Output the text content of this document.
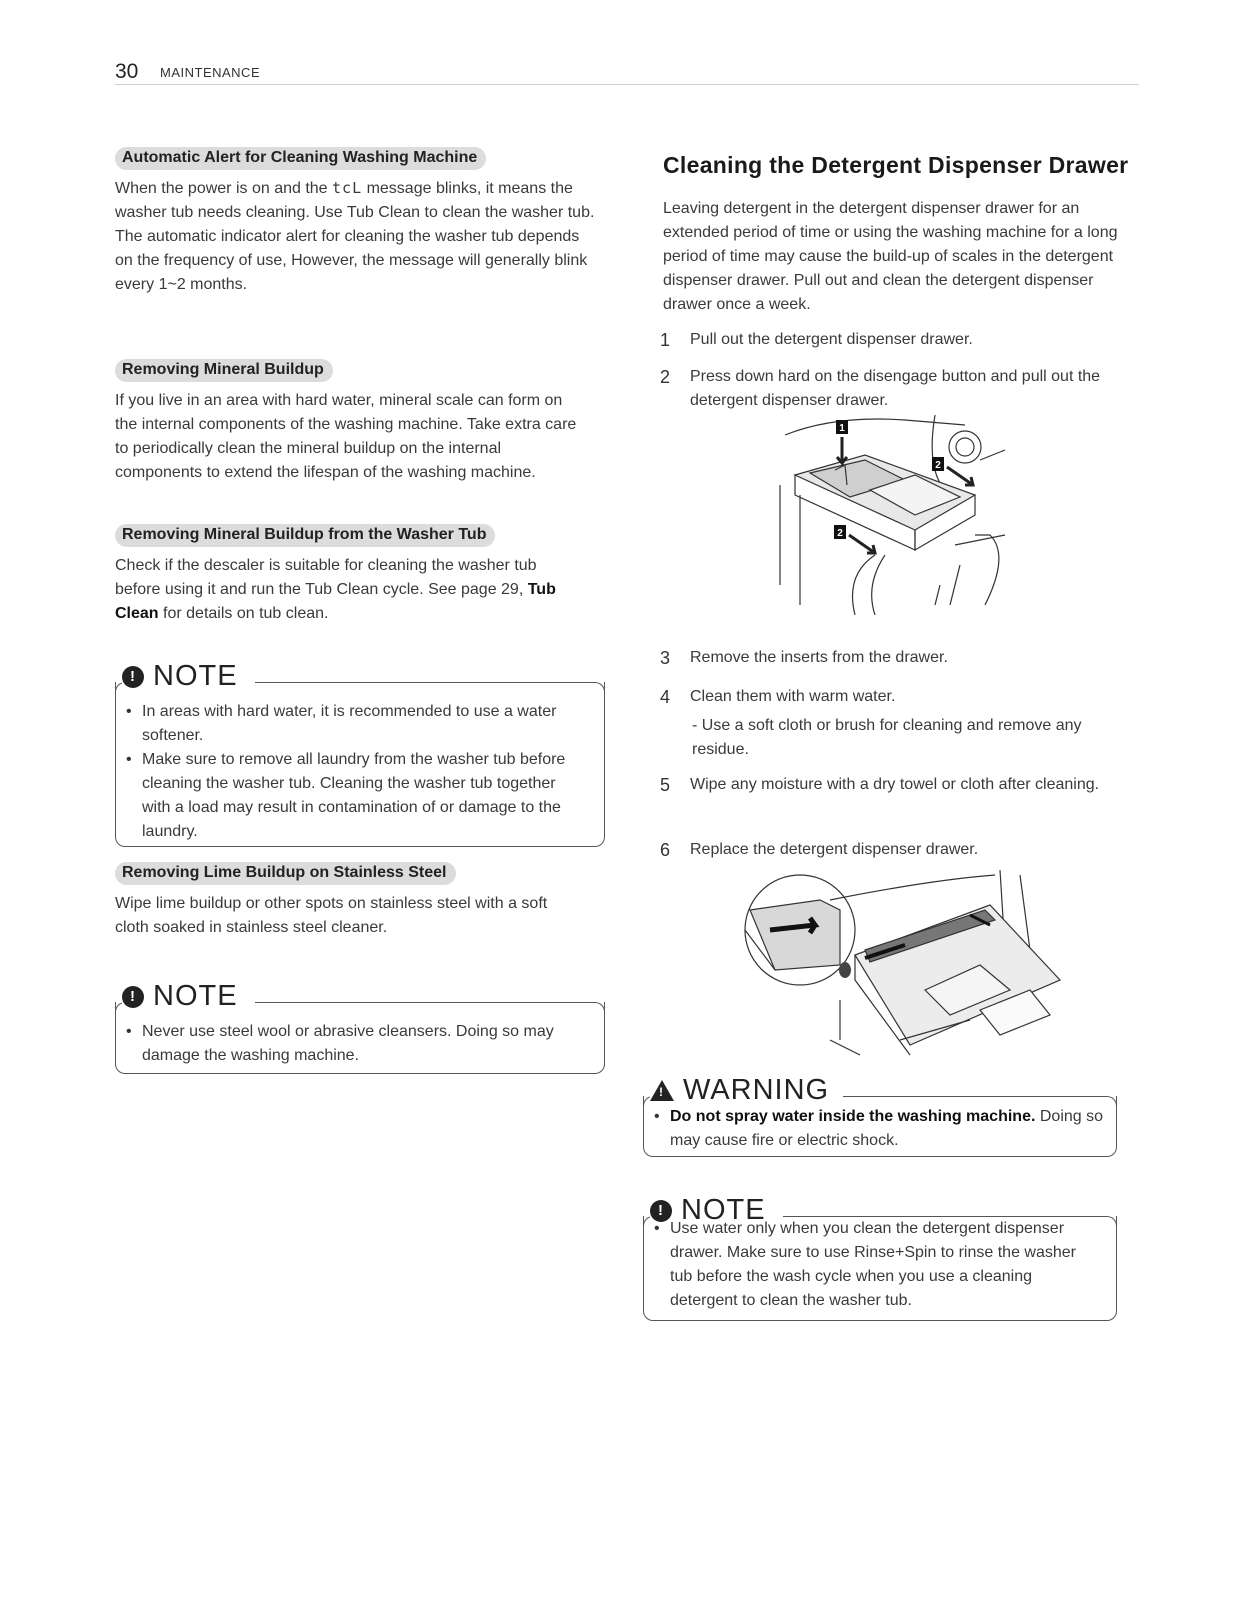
30 MAINTENANCE
Automatic Alert for Cleaning Washing Machine

When the power is on and the tcL message blinks, it means the washer tub needs cleaning. Use Tub Clean to clean the washer tub. The automatic indicator alert for cleaning the washer tub depends on the frequency of use, However, the message will generally blink every 1~2 months.

Removing Mineral Buildup

If you live in an area with hard water, mineral scale can form on the internal components of the washing machine. Take extra care to periodically clean the mineral buildup on the internal components to extend the lifespan of the washing machine.

Removing Mineral Buildup from the Washer Tub

Check if the descaler is suitable for cleaning the washer tub before using it and run the Tub Clean cycle. See page 29, Tub Clean for details on tub clean.

! NOTE
• In areas with hard water, it is recommended to use a water softener.
• Make sure to remove all laundry from the washer tub before cleaning the washer tub. Cleaning the washer tub together with a load may result in contamination of or damage to the laundry.
Removing Lime Buildup on Stainless Steel

Wipe lime buildup or other spots on stainless steel with a soft cloth soaked in stainless steel cleaner.

! NOTE
• Never use steel wool or abrasive cleansers. Doing so may damage the washing machine.
Cleaning the Detergent Dispenser Drawer

Leaving detergent in the detergent dispenser drawer for an extended period of time or using the washing machine for a long period of time may cause the build-up of scales in the detergent dispenser drawer. Pull out and clean the detergent dispenser drawer once a week.

1	Pull out the detergent dispenser drawer.
2	Press down hard on the disengage button and pull out the detergent dispenser drawer.
3	Remove the inserts from the drawer.
4	Clean them with warm water.
- Use a soft cloth or brush for cleaning and remove any residue.
5	Wipe any moisture with a dry towel or cloth after cleaning.
6	Replace the detergent dispenser drawer.
1
2
2
! WARNING
• Do not spray water inside the washing machine. Doing so may cause fire or electric shock.
! NOTE
• Use water only when you clean the detergent dispenser drawer. Make sure to use Rinse+Spin to rinse the washer tub before the wash cycle when you use a cleaning detergent to clean the washer tub.
